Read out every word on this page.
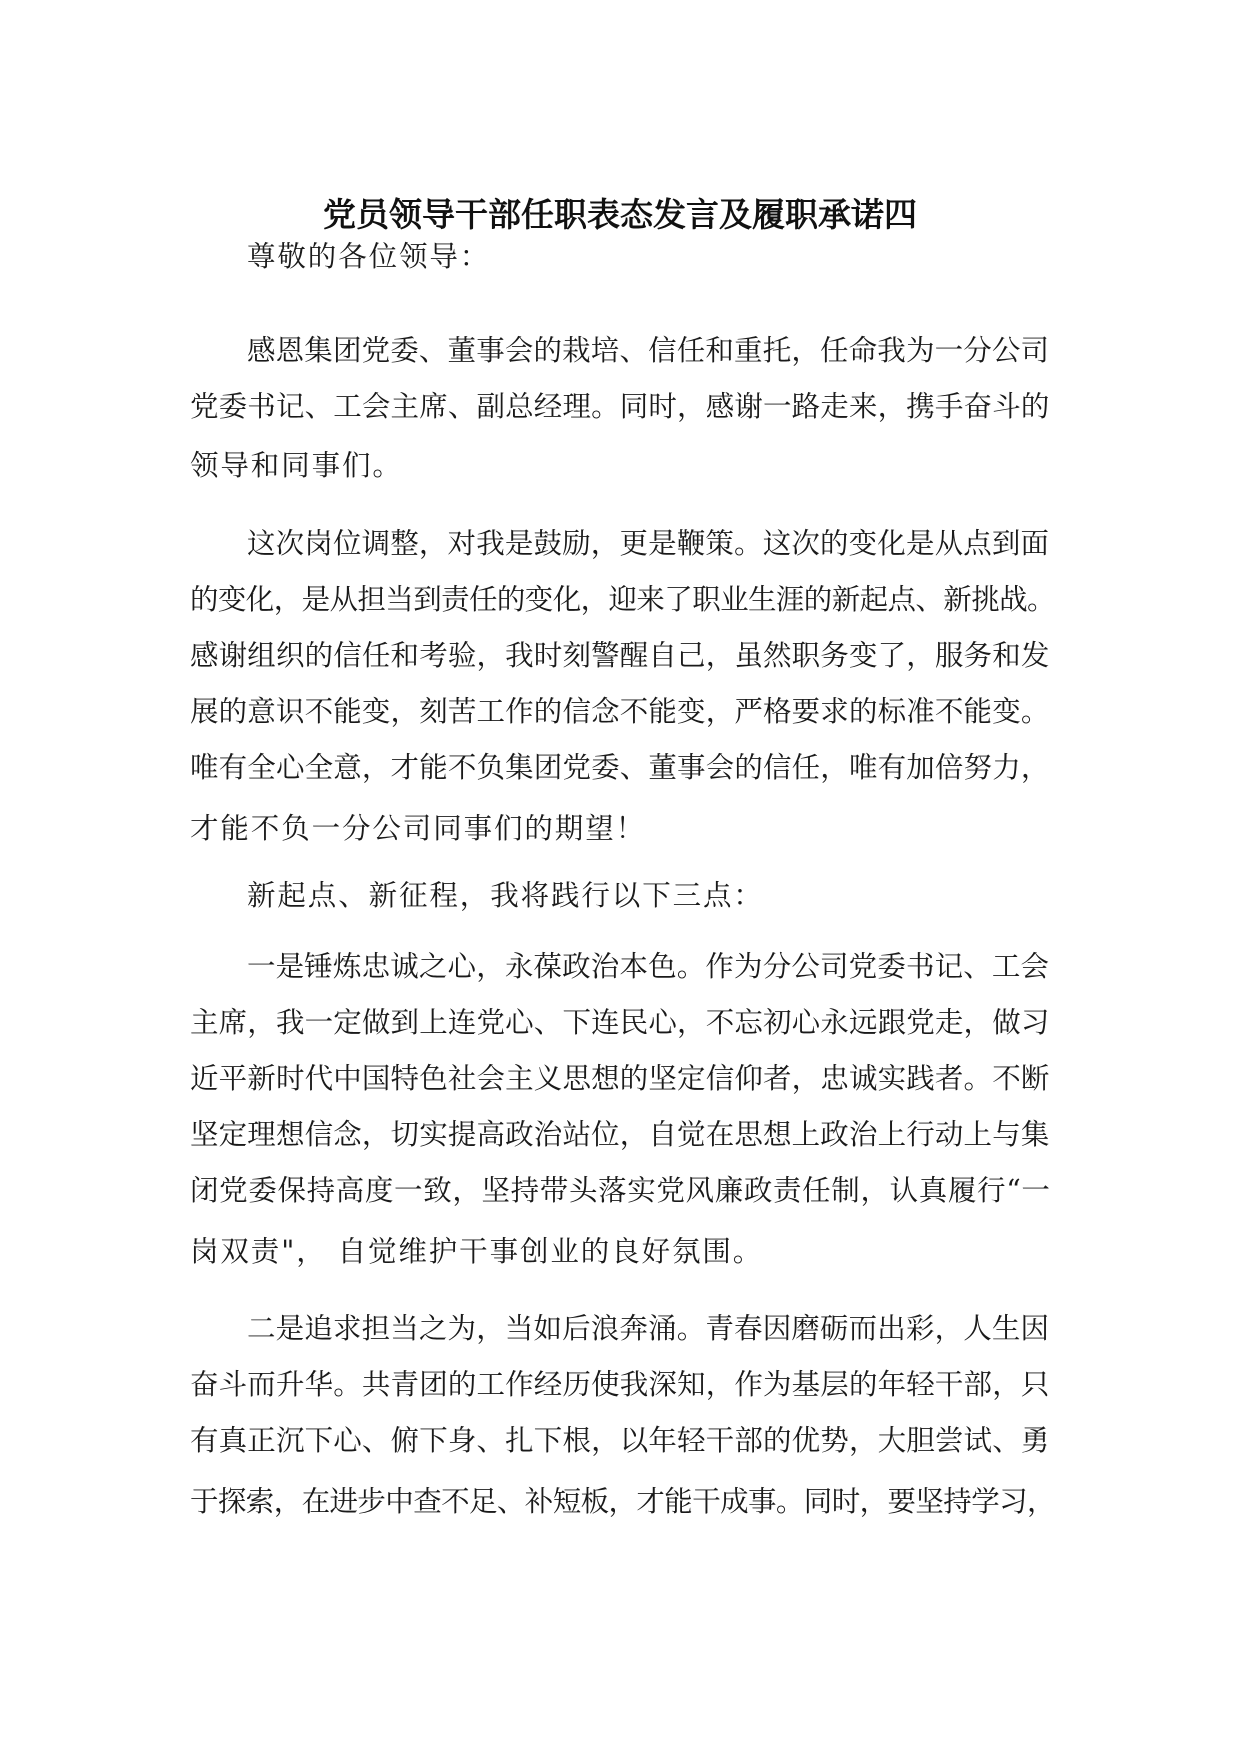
党员领导干部任职表态发言及履职承诺四
尊敬的各位领导：
感恩集团党委、董事会的栽培、信任和重托，任命我为一分公司
党委书记、工会主席、副总经理。同时，感谢一路走来，携手奋斗的
领导和同事们。
这次岗位调整，对我是鼓励，更是鞭策。这次的变化是从点到面
的变化，是从担当到责任的变化，迎来了职业生涯的新起点、新挑战。
感谢组织的信任和考验，我时刻警醒自己，虽然职务变了，服务和发
展的意识不能变，刻苦工作的信念不能变，严格要求的标准不能变。
唯有全心全意，才能不负集团党委、董事会的信任，唯有加倍努力，
才能不负一分公司同事们的期望！
新起点、新征程，我将践行以下三点：
一是锤炼忠诚之心，永葆政治本色。作为分公司党委书记、工会
主席，我一定做到上连党心、下连民心，不忘初心永远跟党走，做习
近平新时代中国特色社会主义思想的坚定信仰者，忠诚实践者。不断
坚定理想信念，切实提高政治站位，自觉在思想上政治上行动上与集
闭党委保持高度一致，坚持带头落实党风廉政责任制，认真履行“一
岗双责"， 自觉维护干事创业的良好氛围。
二是追求担当之为，当如后浪奔涌。青春因磨砺而出彩，人生因
奋斗而升华。共青团的工作经历使我深知，作为基层的年轻干部，只
有真正沉下心、俯下身、扎下根，以年轻干部的优势，大胆尝试、勇
于探索，在进步中查不足、补短板，才能干成事。同时，要坚持学习，
